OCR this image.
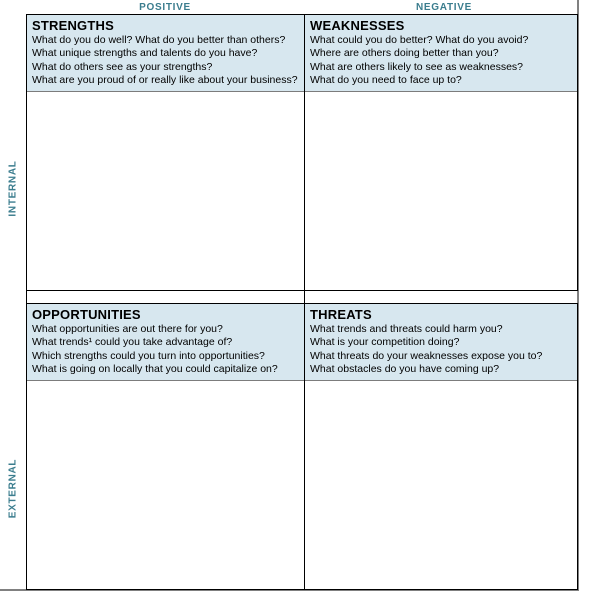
POSITIVE	NEGATIVE
INTERNAL
EXTERNAL
STRENGTHS
What do you do well? What do you better than others?
What unique strengths and talents do you have?
What do others see as your strengths?
What are you proud of or really like about your business?
WEAKNESSES
What could you do better? What do you avoid?
Where are others doing better than you?
What are others likely to see as weaknesses?
What do you need to face up to?
OPPORTUNITIES
What opportunities are out there for you?
What trends¹ could you take advantage of?
Which strengths could you turn into opportunities?
What is going on locally that you could capitalize on?
THREATS
What trends and threats could harm you?
What is your competition doing?
What threats do your weaknesses expose you to?
What obstacles do you have coming up?
